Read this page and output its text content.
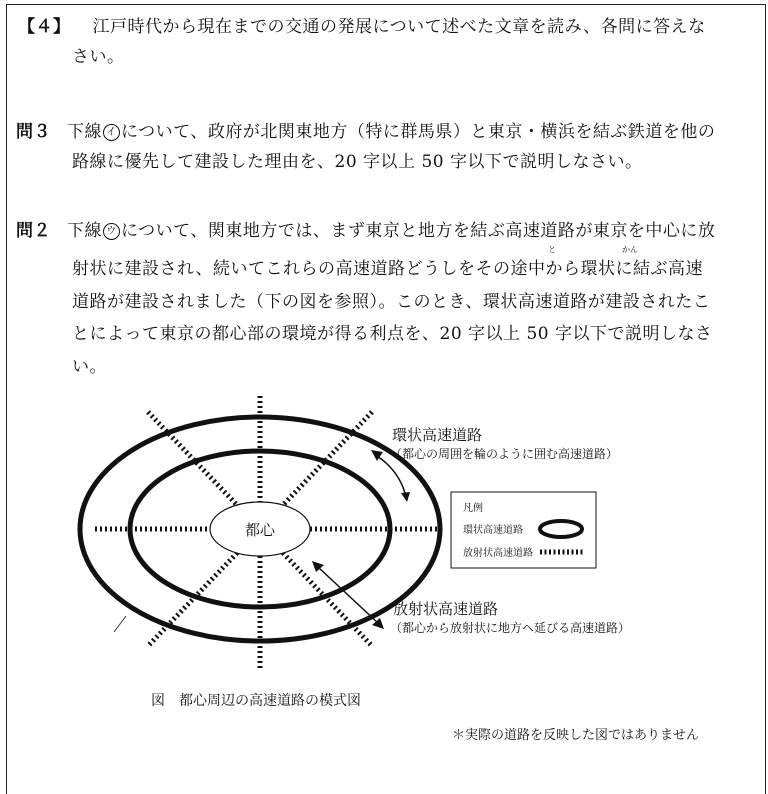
【４】 江戸時代から現在までの交通の発展について述べた文章を読み、各問に答えな
さい。
問３ 下線 イ について、政府が北関東地方（特に群馬県）と東京・横浜を結ぶ鉄道を他の
路線に優先して建設した理由を、20 字以上 50 字以下で説明しなさい。
問２ 下線 ウ について、関東地方では、まず東京と地方を結ぶ高速道路が東京を中心に放
と	かん
射状に建設され、続いてこれらの高速道路どうしをその途中から環状に結ぶ高速
道路が建設されました（下の図を参照）。このとき、環状高速道路が建設されたこ
とによって東京の都心部の環境が得る利点を、20 字以上 50 字以下で説明しなさ
い。
都心
凡例
環状高速道路
放射状高速道路
環状高速道路
（都心の周囲を輪のように囲む高速道路）
放射状高速道路
（都心から放射状に地方へ延びる高速道路）
図　都心周辺の高速道路の模式図
＊実際の道路を反映した図ではありません
